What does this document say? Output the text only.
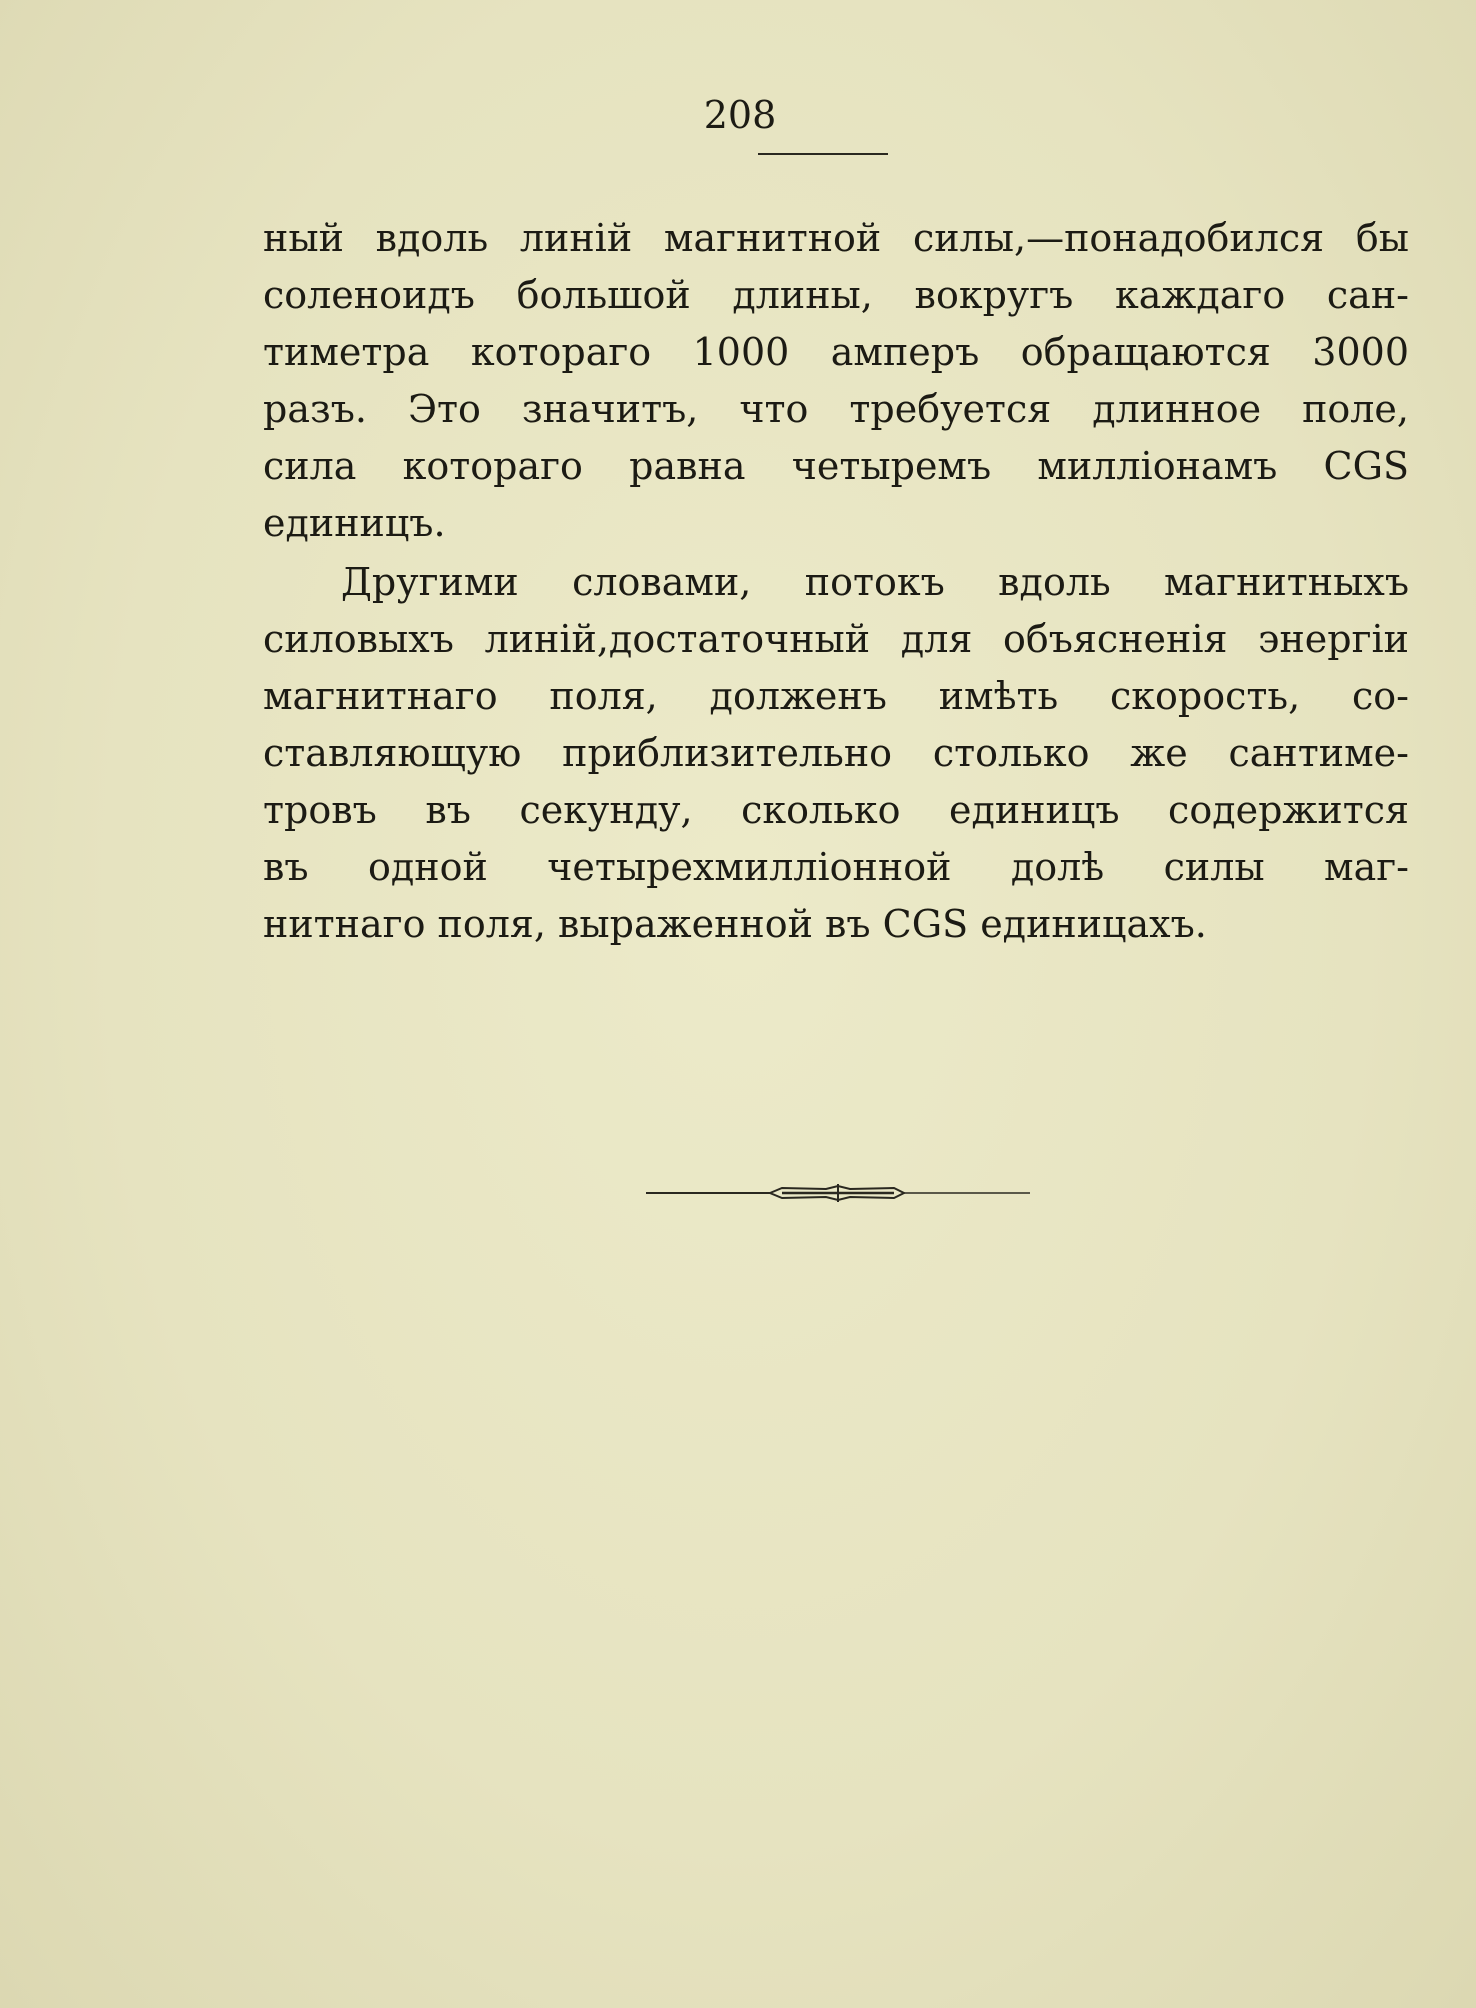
208
ный вдоль линій магнитной силы,—понадобился бы
соленоидъ большой длины, вокругъ каждаго сан-
тиметра котораго 1000 амперъ обращаются 3000
разъ. Это значитъ, что требуется длинное поле,
сила котораго равна четыремъ милліонамъ CGS
единицъ.
Другими словами, потокъ вдоль магнитныхъ
силовыхъ линій,достаточный для объясненія энергіи
магнитнаго поля, долженъ имѣть скорость, со-
ставляющую приблизительно столько же сантиме-
тровъ въ секунду, сколько единицъ содержится
въ одной четырехмилліонной долѣ силы маг-
нитнаго поля, выраженной въ CGS единицахъ.
